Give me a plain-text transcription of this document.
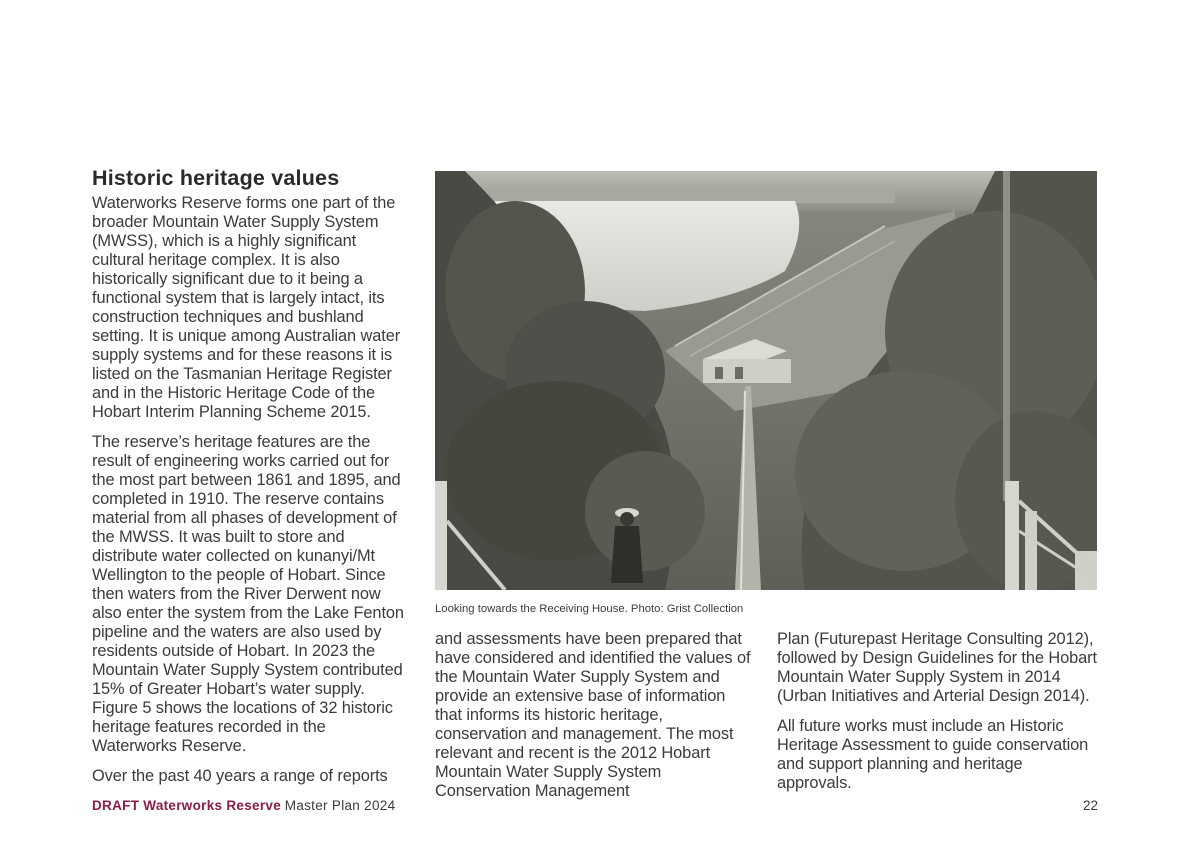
Historic heritage values

Waterworks Reserve forms one part of the broader Mountain Water Supply System (MWSS), which is a highly significant cultural heritage complex. It is also historically significant due to it being a functional system that is largely intact, its construction techniques and bushland setting. It is unique among Australian water supply systems and for these reasons it is listed on the Tasmanian Heritage Register and in the Historic Heritage Code of the Hobart Interim Planning Scheme 2015.

The reserve’s heritage features are the result of engineering works carried out for the most part between 1861 and 1895, and completed in 1910. The reserve contains material from all phases of development of the MWSS. It was built to store and distribute water collected on kunanyi/Mt Wellington to the people of Hobart. Since then waters from the River Derwent now also enter the system from the Lake Fenton pipeline and the waters are also used by residents outside of Hobart. In 2023 the Mountain Water Supply System contributed 15% of Greater Hobart’s water supply. Figure 5 shows the locations of 32 historic heritage features recorded in the Waterworks Reserve.

Over the past 40 years a range of reports

Looking towards the Receiving House. Photo: Grist Collection

and assessments have been prepared that have considered and identified the values of the Mountain Water Supply System and provide an extensive base of information that informs its historic heritage, conservation and management. The most relevant and recent is the 2012 Hobart Mountain Water Supply System Conservation Management

Plan (Futurepast Heritage Consulting 2012), followed by Design Guidelines for the Hobart Mountain Water Supply System in 2014 (Urban Initiatives and Arterial Design 2014).

All future works must include an Historic Heritage Assessment to guide conservation and support planning and heritage approvals.

DRAFT Waterworks Reserve Master Plan 2024	22
